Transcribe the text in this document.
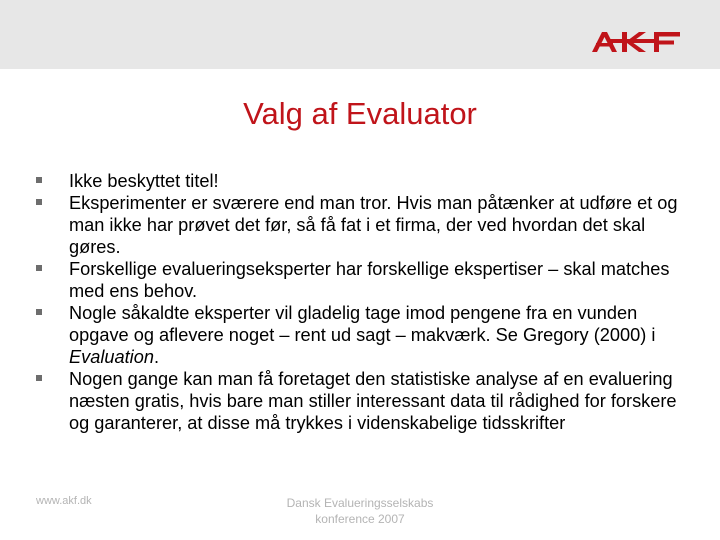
Valg af Evaluator
Ikke beskyttet titel!
Eksperimenter er sværere end man tror. Hvis man påtænker at udføre et og man ikke har prøvet det før, så få fat i et firma, der ved hvordan det skal gøres.
Forskellige evalueringseksperter har forskellige ekspertiser – skal matches med ens behov.
Nogle såkaldte eksperter vil gladelig tage imod pengene fra en vunden opgave og aflevere noget – rent ud sagt – makværk. Se Gregory (2000) i Evaluation.
Nogen gange kan man få foretaget den statistiske analyse af en evaluering næsten gratis, hvis bare man stiller interessant data til rådighed for forskere og garanterer, at disse må trykkes i videnskabelige tidsskrifter
www.akf.dk	Dansk Evalueringsselskabs
konference 2007
